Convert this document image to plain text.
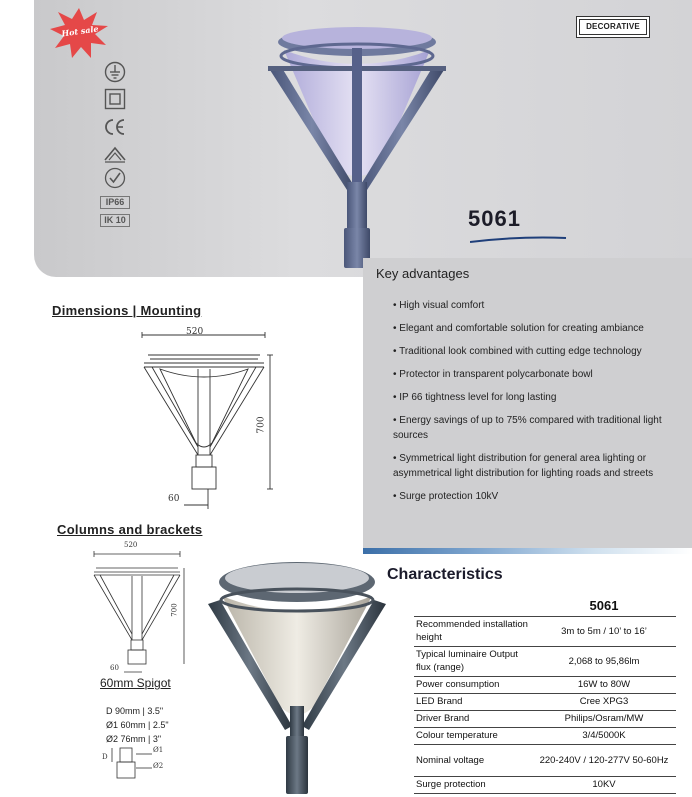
Hot sale
IP66
IK 10
DECORATIVE
5061
Key advantages
• High visual comfort
• Elegant and comfortable solution for creating ambiance
• Traditional look combined with cutting edge technology
• Protector in transparent polycarbonate bowl
• IP 66 tightness level for long lasting
• Energy savings of up to 75% compared with traditional light sources
• Symmetrical light distribution for general area lighting or asymmetrical light distribution for lighting roads and streets
• Surge protection 10kV
Dimensions | Mounting
520
700
60
Columns and brackets
520
700
60
60mm Spigot
D 90mm | 3.5"
Ø1 60mm | 2.5"
Ø2 76mm | 3"
D
Ø1
Ø2
Characteristics
	5061
Recommended installation height	3m to 5m / 10’ to 16’
Typical luminaire Output flux (range)	2,068 to 95,86lm
Power consumption	16W to 80W
LED Brand	Cree XPG3
Driver Brand	Philips/Osram/MW
Colour temperature	3/4/5000K
Nominal voltage	220-240V / 120-277V 50-60Hz
Surge protection	10KV
